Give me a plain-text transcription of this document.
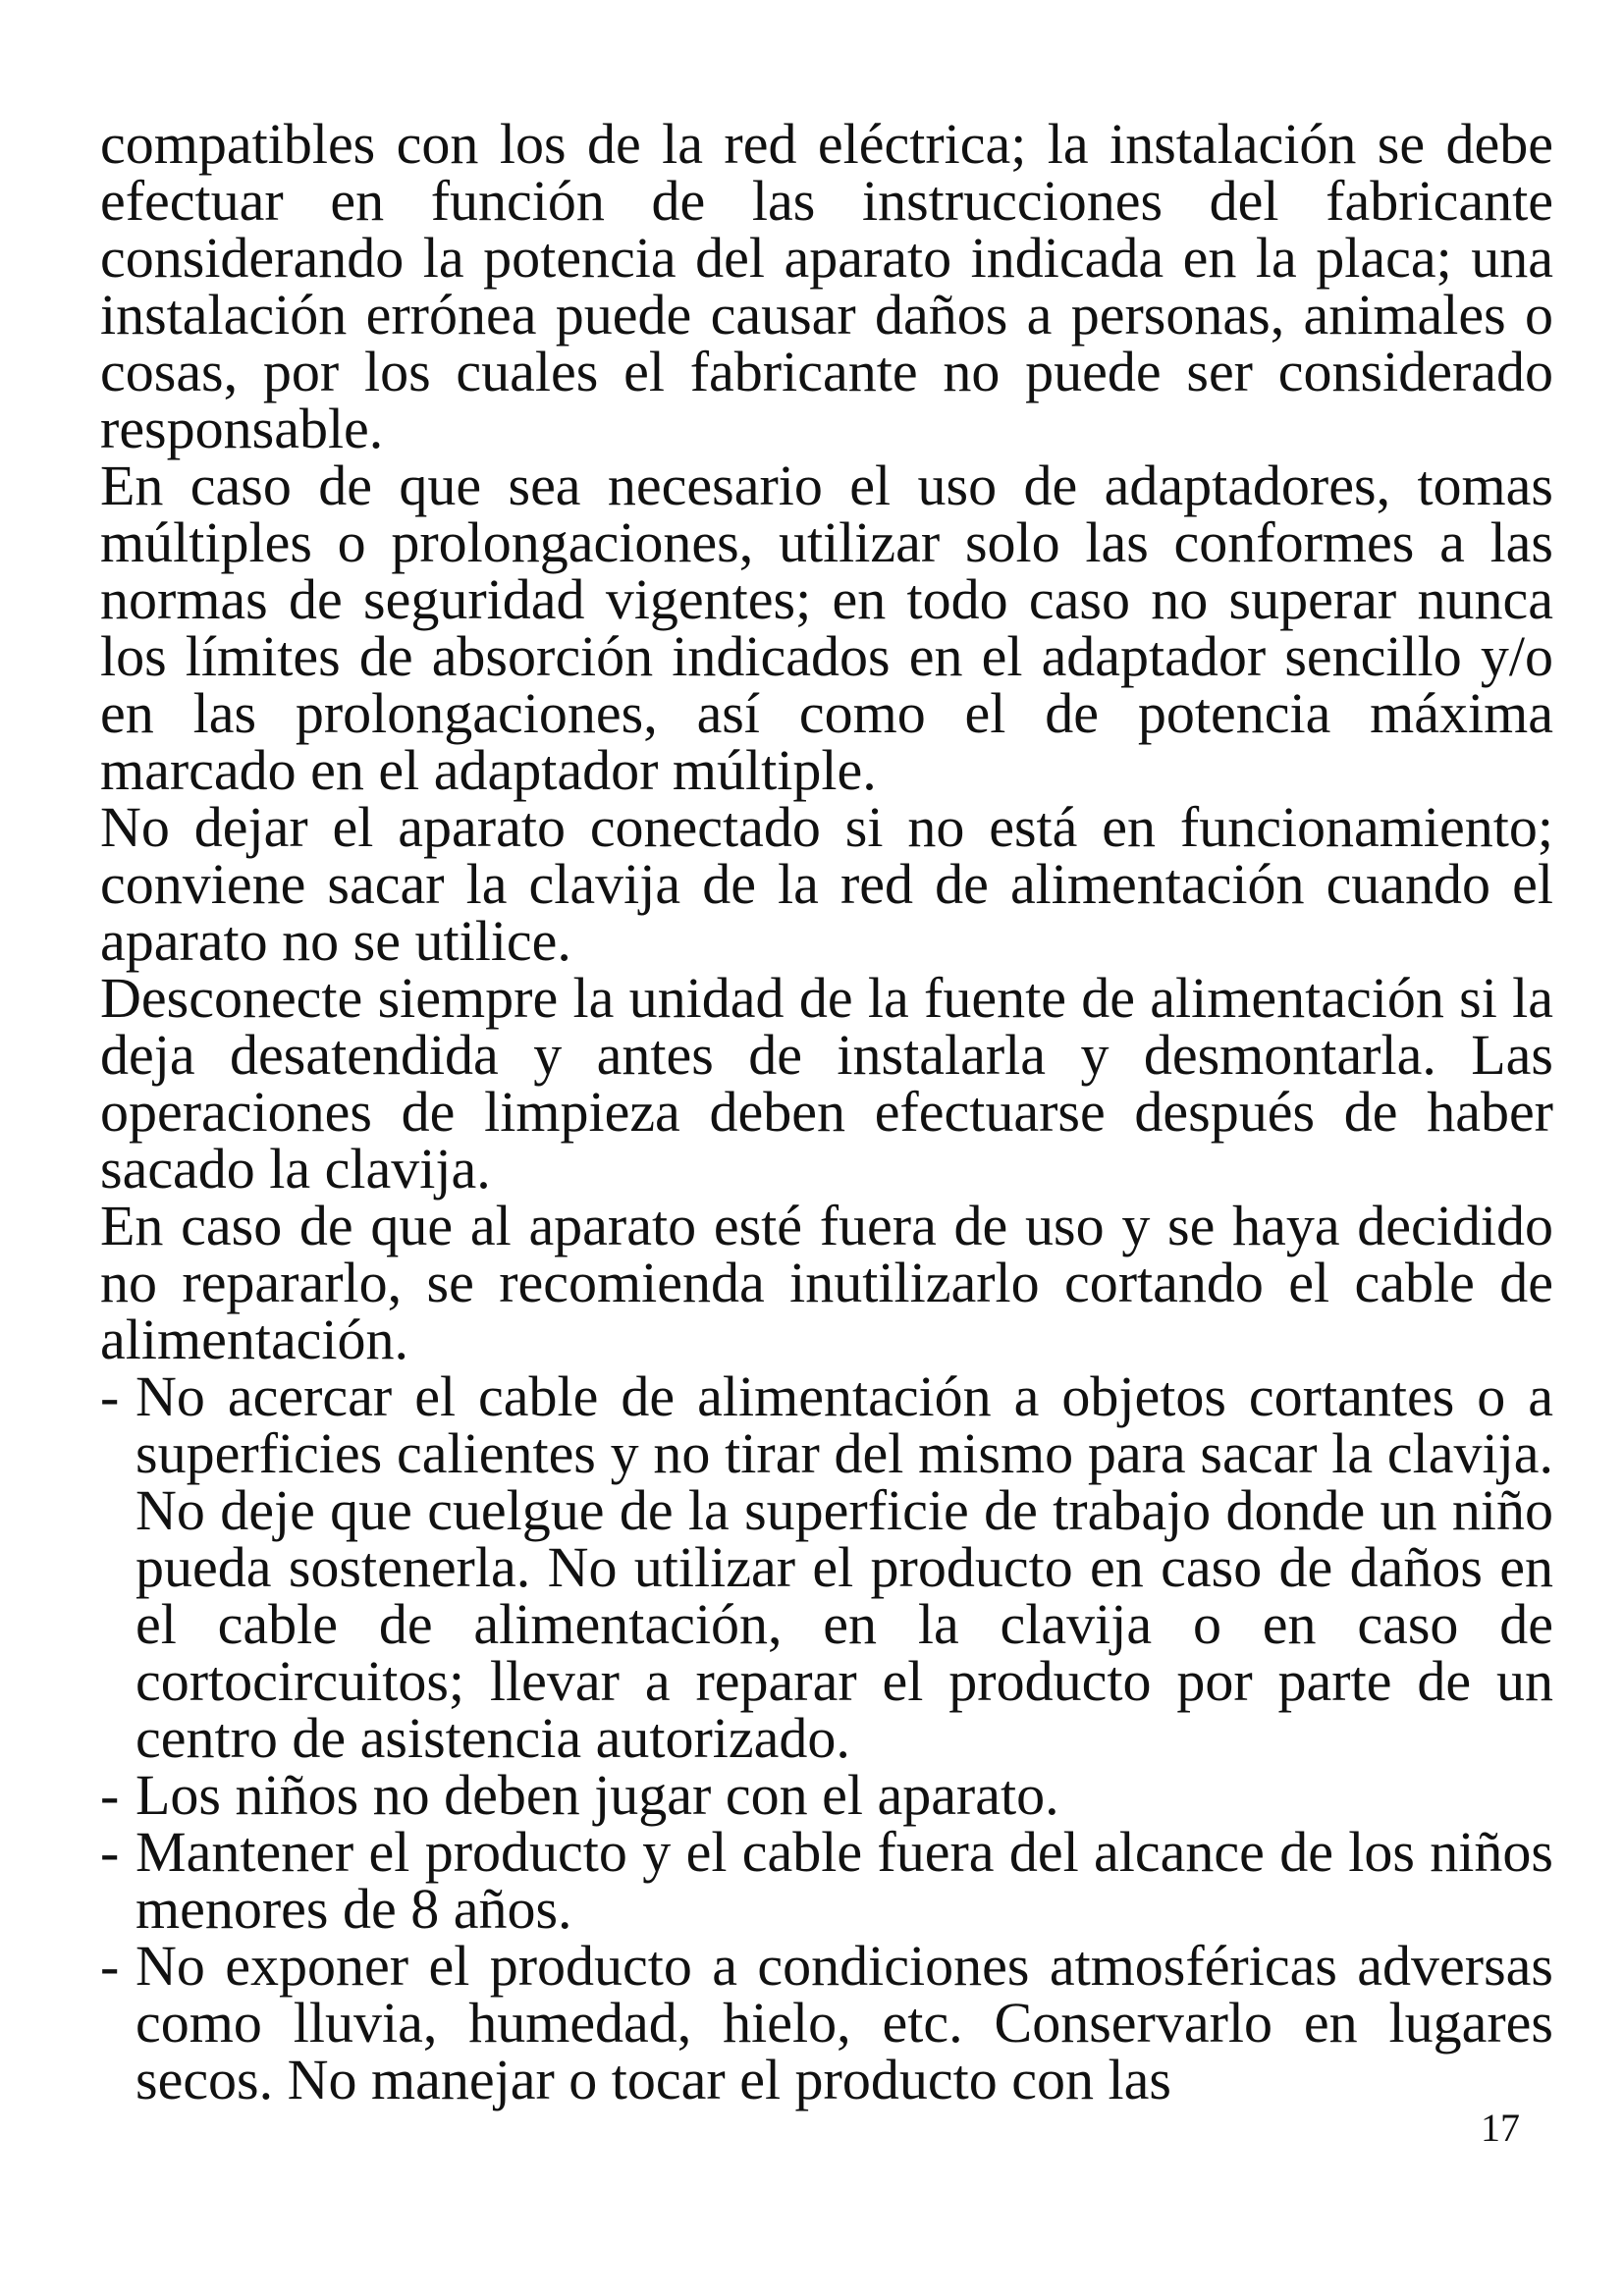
compatibles con los de la red eléctrica; la instalación se debe efectuar en función de las instrucciones del fabricante considerando la potencia del aparato indicada en la placa; una instalación errónea puede causar daños a personas, animales o cosas, por los cuales el fabricante no puede ser considerado responsable.

En caso de que sea necesario el uso de adaptadores, tomas múltiples o prolongaciones, utilizar solo las conformes a las normas de seguridad vigentes; en todo caso no superar nunca los límites de absorción indicados en el adaptador sencillo y/o en las prolongaciones, así como el de potencia máxima marcado en el adaptador múltiple.

No dejar el aparato conectado si no está en funcionamiento; conviene sacar la clavija de la red de alimentación cuando el aparato no se utilice.

Desconecte siempre la unidad de la fuente de alimentación si la deja desatendida y antes de instalarla y desmontarla. Las operaciones de limpieza deben efectuarse después de haber sacado la clavija.

En caso de que al aparato esté fuera de uso y se haya decidido no repararlo, se recomienda inutilizarlo cortando el cable de alimentación.

- No acercar el cable de alimentación a objetos cortantes o a superficies calientes y no tirar del mismo para sacar la clavija. No deje que cuelgue de la superficie de trabajo donde un niño pueda sostenerla. No utilizar el producto en caso de daños en el cable de alimentación, en la clavija o en caso de cortocircuitos; llevar a reparar el producto por parte de un centro de asistencia autorizado.
- Los niños no deben jugar con el aparato.
- Mantener el producto y el cable fuera del alcance de los niños menores de 8 años.
- No exponer el producto a condiciones atmosféricas adversas como lluvia, humedad, hielo, etc. Conservarlo en lugares secos. No manejar o tocar el producto con las
17
